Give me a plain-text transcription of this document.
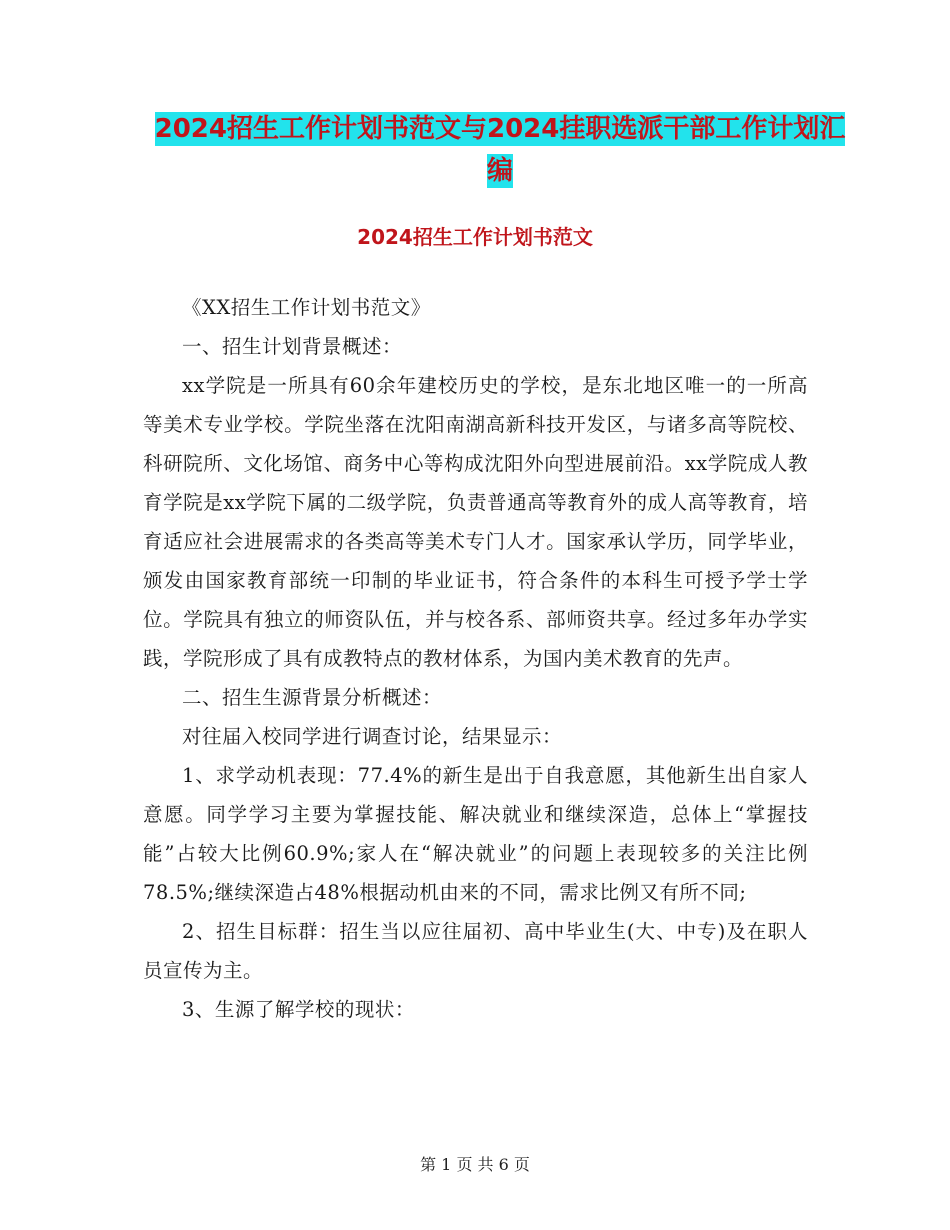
2024招生工作计划书范文与2024挂职选派干部工作计划汇编
2024招生工作计划书范文

《XX招生工作计划书范文》

一、招生计划背景概述：

xx学院是一所具有60余年建校历史的学校，是东北地区唯一的一所高等美术专业学校。学院坐落在沈阳南湖高新科技开发区，与诸多高等院校、科研院所、文化场馆、商务中心等构成沈阳外向型进展前沿。xx学院成人教育学院是xx学院下属的二级学院，负责普通高等教育外的成人高等教育，培育适应社会进展需求的各类高等美术专门人才。国家承认学历，同学毕业，颁发由国家教育部统一印制的毕业证书，符合条件的本科生可授予学士学位。学院具有独立的师资队伍，并与校各系、部师资共享。经过多年办学实践，学院形成了具有成教特点的教材体系，为国内美术教育的先声。

二、招生生源背景分析概述：

对往届入校同学进行调查讨论，结果显示：

1、求学动机表现：77.4%的新生是出于自我意愿，其他新生出自家人意愿。同学学习主要为掌握技能、解决就业和继续深造，总体上“掌握技能”占较大比例60.9%;家人在“解决就业”的问题上表现较多的关注比例78.5%;继续深造占48%根据动机由来的不同，需求比例又有所不同;

2、招生目标群：招生当以应往届初、高中毕业生(大、中专)及在职人员宣传为主。

3、生源了解学校的现状：

第 1 页 共 6 页
